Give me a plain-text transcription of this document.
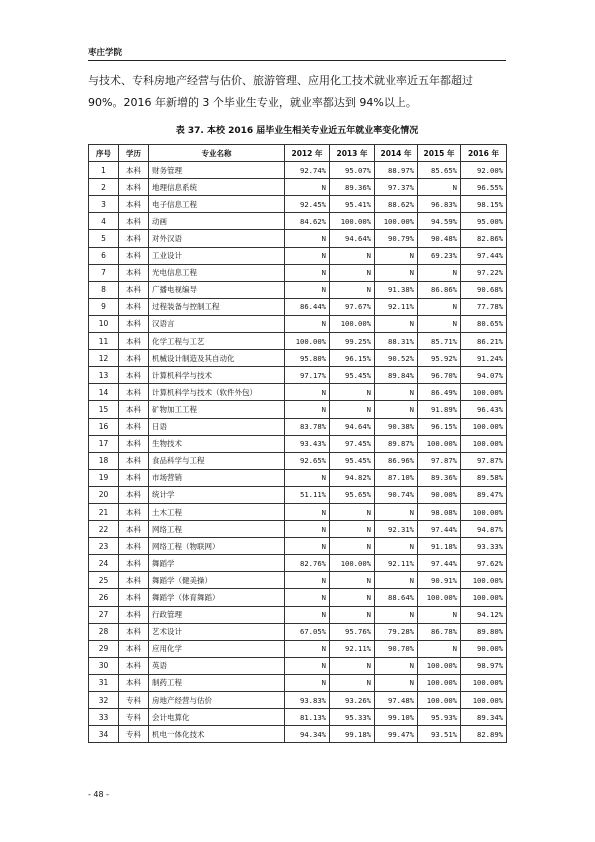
枣庄学院
与技术、专科房地产经营与估价、旅游管理、应用化工技术就业率近五年都超过
90%。2016 年新增的 3 个毕业生专业，就业率都达到 94%以上。
表 37. 本校 2016 届毕业生相关专业近五年就业率变化情况
序号	学历	专业名称	2012 年	2013 年	2014 年	2015 年	2016 年
1	本科	财务管理	92.74%	95.07%	88.97%	85.65%	92.00%
2	本科	地理信息系统	N	89.36%	97.37%	N	96.55%
3	本科	电子信息工程	92.45%	95.41%	88.62%	96.83%	98.15%
4	本科	动画	84.62%	100.00%	100.00%	94.59%	95.00%
5	本科	对外汉语	N	94.64%	90.79%	90.48%	82.86%
6	本科	工业设计	N	N	N	69.23%	97.44%
7	本科	光电信息工程	N	N	N	N	97.22%
8	本科	广播电视编导	N	N	91.38%	86.86%	90.68%
9	本科	过程装备与控制工程	86.44%	97.67%	92.11%	N	77.78%
10	本科	汉语言	N	100.00%	N	N	80.65%
11	本科	化学工程与工艺	100.00%	99.25%	88.31%	85.71%	86.21%
12	本科	机械设计制造及其自动化	95.80%	96.15%	90.52%	95.92%	91.24%
13	本科	计算机科学与技术	97.17%	95.45%	89.84%	96.70%	94.07%
14	本科	计算机科学与技术（软件外包）	N	N	N	86.49%	100.00%
15	本科	矿物加工工程	N	N	N	91.89%	96.43%
16	本科	日语	83.78%	94.64%	90.38%	96.15%	100.00%
17	本科	生物技术	93.43%	97.45%	89.87%	100.00%	100.00%
18	本科	食品科学与工程	92.65%	95.45%	86.96%	97.87%	97.87%
19	本科	市场营销	N	94.82%	87.10%	89.36%	89.58%
20	本科	统计学	51.11%	95.65%	90.74%	90.00%	89.47%
21	本科	土木工程	N	N	N	98.08%	100.00%
22	本科	网络工程	N	N	92.31%	97.44%	94.87%
23	本科	网络工程（物联网）	N	N	N	91.18%	93.33%
24	本科	舞蹈学	82.76%	100.00%	92.11%	97.44%	97.62%
25	本科	舞蹈学（健美操）	N	N	N	90.91%	100.00%
26	本科	舞蹈学（体育舞蹈）	N	N	88.64%	100.00%	100.00%
27	本科	行政管理	N	N	N	N	94.12%
28	本科	艺术设计	67.05%	95.76%	79.28%	86.78%	89.80%
29	本科	应用化学	N	92.11%	90.70%	N	90.00%
30	本科	英语	N	N	N	100.00%	98.97%
31	本科	制药工程	N	N	N	100.00%	100.00%
32	专科	房地产经营与估价	93.83%	93.26%	97.48%	100.00%	100.00%
33	专科	会计电算化	81.13%	95.33%	99.10%	95.93%	89.34%
34	专科	机电一体化技术	94.34%	99.18%	99.47%	93.51%	82.89%
- 48 -
